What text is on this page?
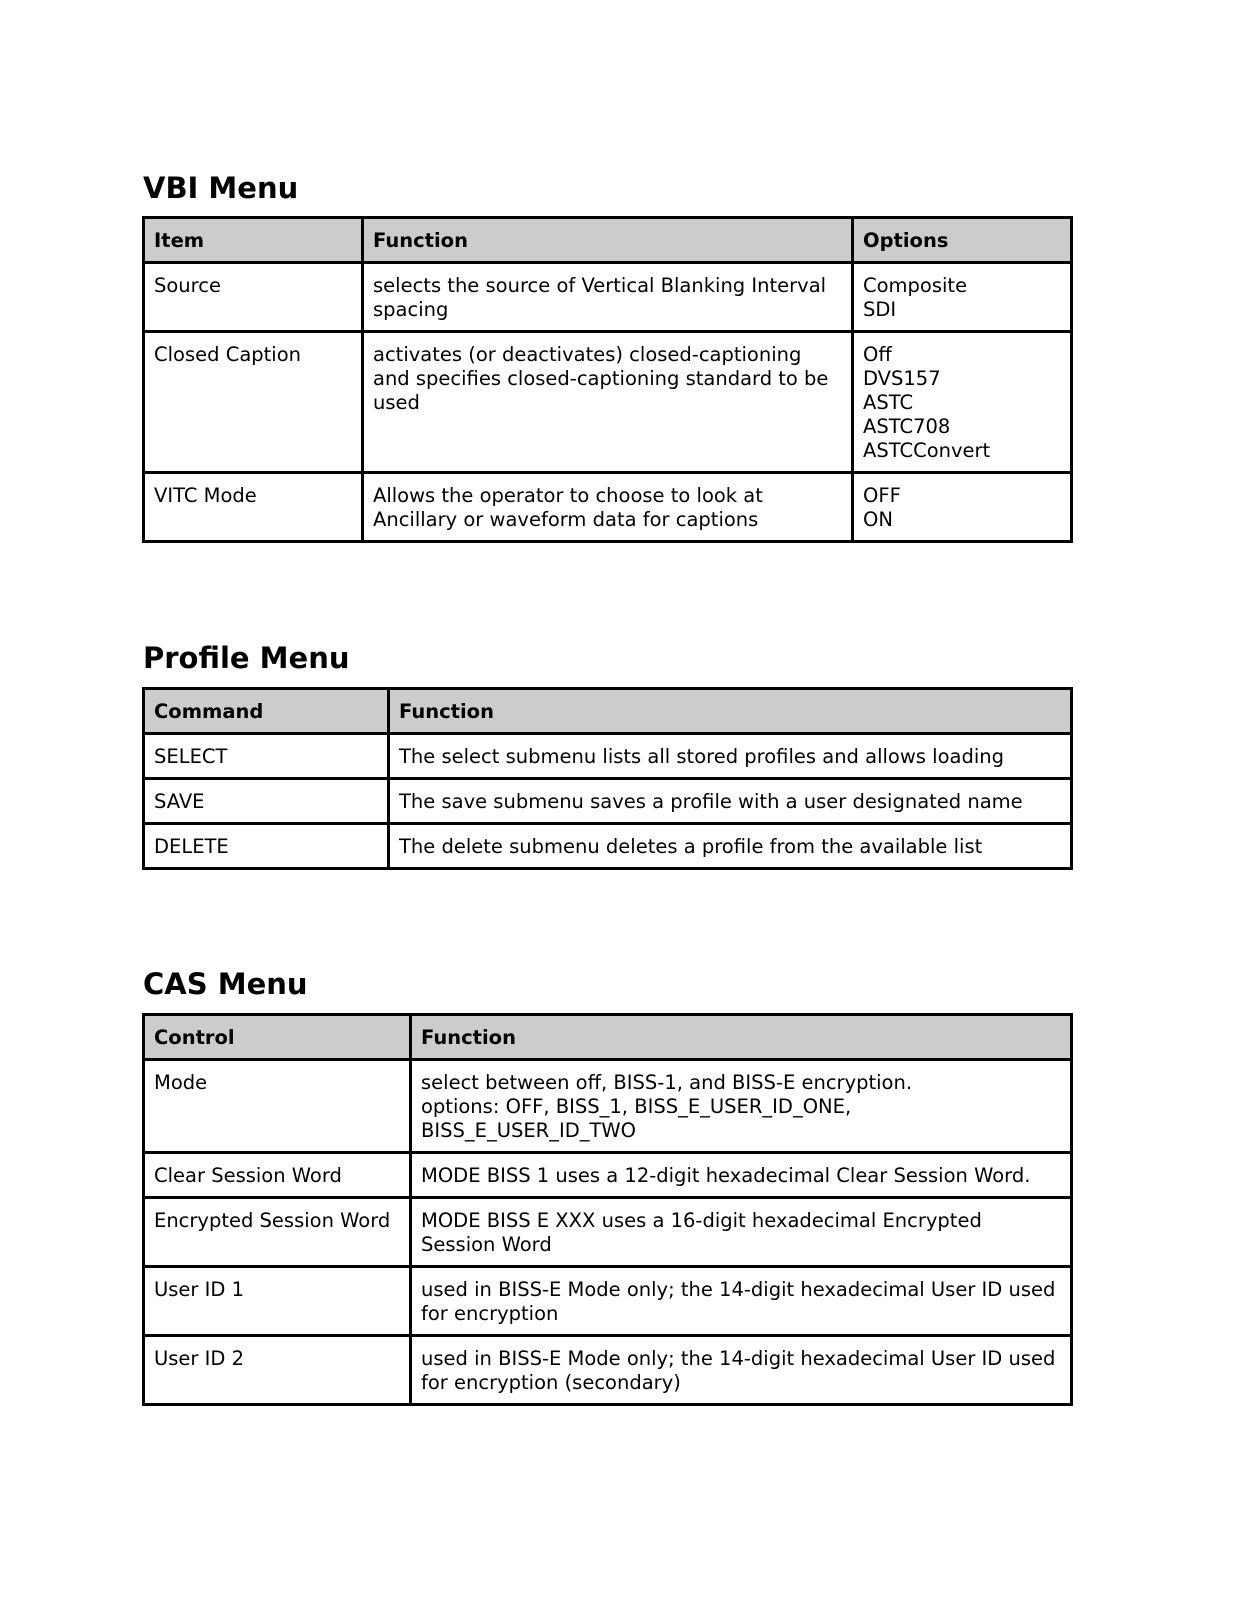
VBI Menu
Item	Function	Options
Source	selects the source of Vertical Blanking Interval spacing	Composite
SDI

Closed Caption	activates (or deactivates) closed-captioning and specifies closed-captioning standard to be used	Off
DVS157
ASTC
ASTC708
ASTCConvert

VITC Mode	Allows the operator to choose to look at Ancillary or waveform data for captions	OFF
ON
Profile Menu
Command	Function
SELECT	The select submenu lists all stored profiles and allows loading
SAVE	The save submenu saves a profile with a user designated name
DELETE	The delete submenu deletes a profile from the available list
CAS Menu
Control	Function
Mode	select between off, BISS-1, and BISS-E encryption.
options: OFF, BISS_1, BISS_E_USER_ID_ONE, BISS_E_USER_ID_TWO

Clear Session Word	MODE BISS 1 uses a 12-digit hexadecimal Clear Session Word.

Encrypted Session Word	MODE BISS E XXX uses a 16-digit hexadecimal Encrypted Session Word

User ID 1	used in BISS-E Mode only; the 14-digit hexadecimal User ID used for encryption

User ID 2	used in BISS-E Mode only; the 14-digit hexadecimal User ID used for encryption (secondary)
